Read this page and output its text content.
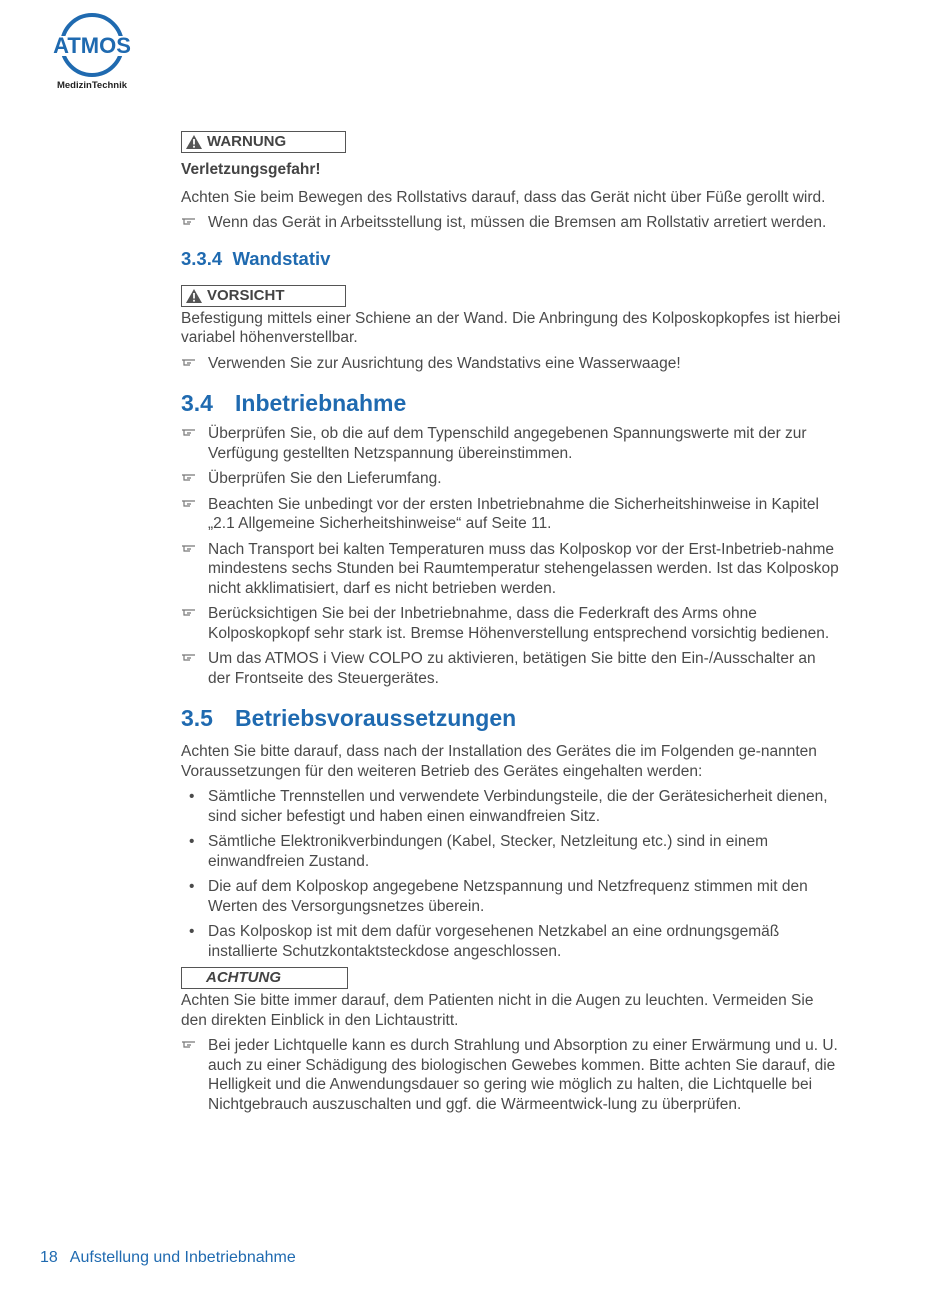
ATMOS
MedizinTechnik
WARNUNG

Verletzungsgefahr!

Achten Sie beim Bewegen des Rollstativs darauf, dass das Gerät nicht über Füße gerollt wird.

Wenn das Gerät in Arbeitsstellung ist, müssen die Bremsen am Rollstativ arretiert werden.
3.3.4 Wandstativ
VORSICHT

Befestigung mittels einer Schiene an der Wand. Die Anbringung des Kolposkopkopfes ist hierbei variabel höhenverstellbar.

Verwenden Sie zur Ausrichtung des Wandstativs eine Wasserwaage!
3.4 Inbetriebnahme
Überprüfen Sie, ob die auf dem Typenschild angegebenen Spannungswerte mit der zur Verfügung gestellten Netzspannung übereinstimmen.
Überprüfen Sie den Lieferumfang.
Beachten Sie unbedingt vor der ersten Inbetriebnahme die Sicherheitshinweise in Kapitel „2.1 Allgemeine Sicherheitshinweise“ auf Seite 11.
Nach Transport bei kalten Temperaturen muss das Kolposkop vor der Erst-Inbetrieb-nahme mindestens sechs Stunden bei Raumtemperatur stehengelassen werden. Ist das Kolposkop nicht akklimatisiert, darf es nicht betrieben werden.
Berücksichtigen Sie bei der Inbetriebnahme, dass die Federkraft des Arms ohne Kolposkopkopf sehr stark ist. Bremse Höhenverstellung entsprechend vorsichtig bedienen.
Um das ATMOS i View COLPO zu aktivieren, betätigen Sie bitte den Ein-/Ausschalter an der Frontseite des Steuergerätes.
3.5 Betriebsvoraussetzungen

Achten Sie bitte darauf, dass nach der Installation des Gerätes die im Folgenden ge-nannten Voraussetzungen für den weiteren Betrieb des Gerätes eingehalten werden:

• Sämtliche Trennstellen und verwendete Verbindungsteile, die der Gerätesicherheit dienen, sind sicher befestigt und haben einen einwandfreien Sitz.
• Sämtliche Elektronikverbindungen (Kabel, Stecker, Netzleitung etc.) sind in einem einwandfreien Zustand.
• Die auf dem Kolposkop angegebene Netzspannung und Netzfrequenz stimmen mit den Werten des Versorgungsnetzes überein.
• Das Kolposkop ist mit dem dafür vorgesehenen Netzkabel an eine ordnungsgemäß installierte Schutzkontaktsteckdose angeschlossen.
ACHTUNG

Achten Sie bitte immer darauf, dem Patienten nicht in die Augen zu leuchten. Vermeiden Sie den direkten Einblick in den Lichtaustritt.

Bei jeder Lichtquelle kann es durch Strahlung und Absorption zu einer Erwärmung und u. U. auch zu einer Schädigung des biologischen Gewebes kommen. Bitte achten Sie darauf, die Helligkeit und die Anwendungsdauer so gering wie möglich zu halten, die Lichtquelle bei Nichtgebrauch auszuschalten und ggf. die Wärmeentwick-lung zu überprüfen.
18 Aufstellung und Inbetriebnahme
